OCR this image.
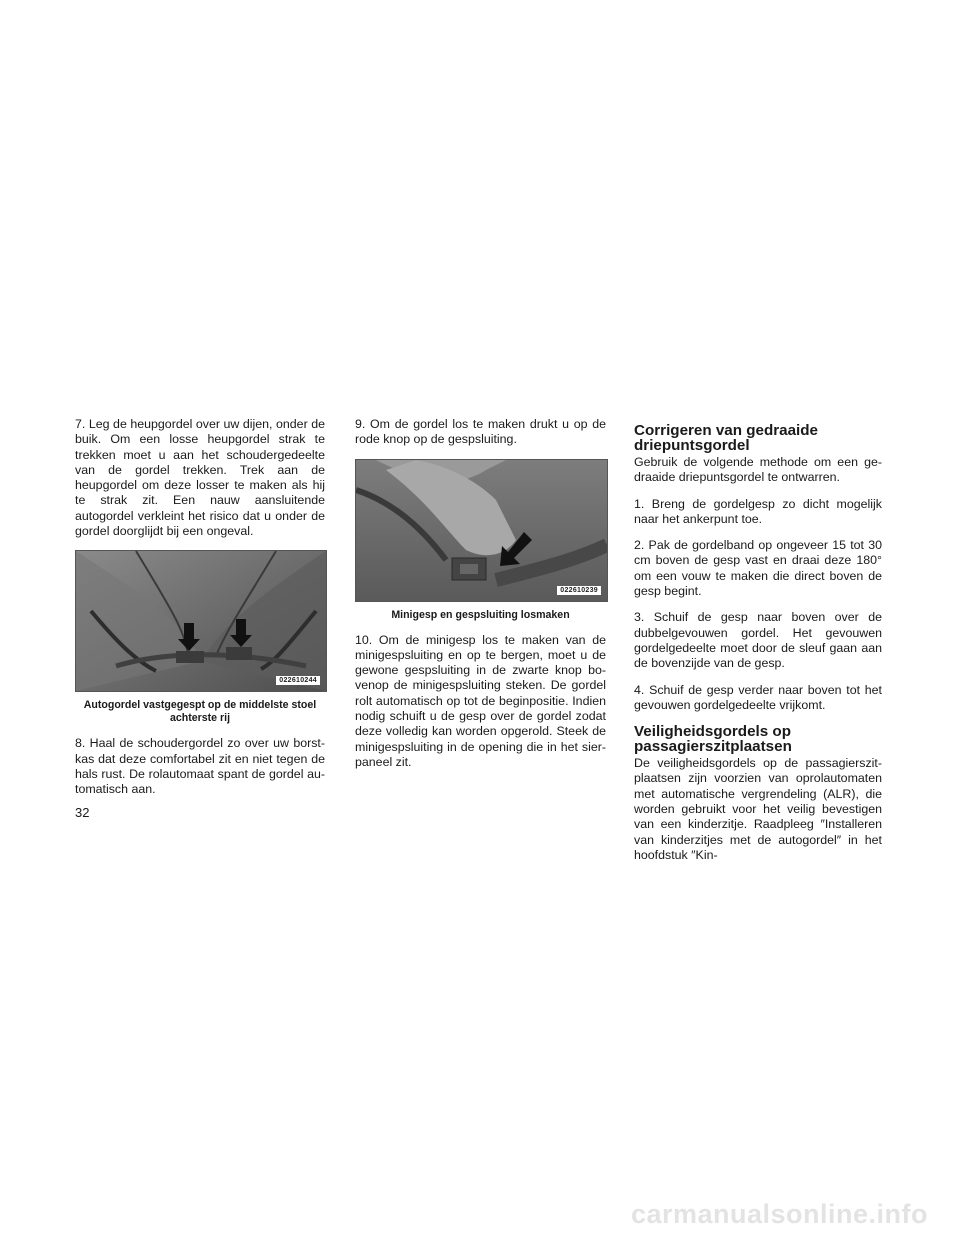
7. Leg de heupgordel over uw dijen, onder de buik. Om een losse heupgordel strak te trekken moet u aan het schoudergedeelte van de gordel trekken. Trek aan de heupgordel om deze losser te maken als hij te strak zit. Een nauw aansluitende autogordel verkleint het risico dat u onder de gordel doorglijdt bij een ongeval.

022610244
Autogordel vastgegespt op de middelste stoel
achterste rij

8. Haal de schoudergordel zo over uw borstkas dat deze comfortabel zit en niet tegen de hals rust. De rolautomaat spant de gordel automatisch aan.

9. Om de gordel los te maken drukt u op de rode knop op de gespsluiting.

022610239
Minigesp en gespsluiting losmaken

10. Om de minigesp los te maken van de minigespsluiting en op te bergen, moet u de gewone gespsluiting in de zwarte knop bovenop de minigespsluiting steken. De gordel rolt automatisch op tot de beginpositie. Indien nodig schuift u de gesp over de gordel zodat deze volledig kan worden opgerold. Steek de minigespsluiting in de opening die in het sierpaneel zit.

Corrigeren van gedraaide
driepuntsgordel

Gebruik de volgende methode om een gedraaide driepuntsgordel te ontwarren.

1. Breng de gordelgesp zo dicht mogelijk naar het ankerpunt toe.

2. Pak de gordelband op ongeveer 15 tot 30 cm boven de gesp vast en draai deze 180° om een vouw te maken die direct boven de gesp begint.

3. Schuif de gesp naar boven over de dubbelgevouwen gordel. Het gevouwen gordelgedeelte moet door de sleuf gaan aan de bovenzijde van de gesp.

4. Schuif de gesp verder naar boven tot het gevouwen gordelgedeelte vrijkomt.

Veiligheidsgordels op
passagierszitplaatsen

De veiligheidsgordels op de passagierszitplaatsen zijn voorzien van oprolautomaten met automatische vergrendeling (ALR), die worden gebruikt voor het veilig bevestigen van een kinderzitje. Raadpleeg ″Installeren van kinderzitjes met de autogordel″ in het hoofdstuk ″Kin-

32
carmanualsonline.info
